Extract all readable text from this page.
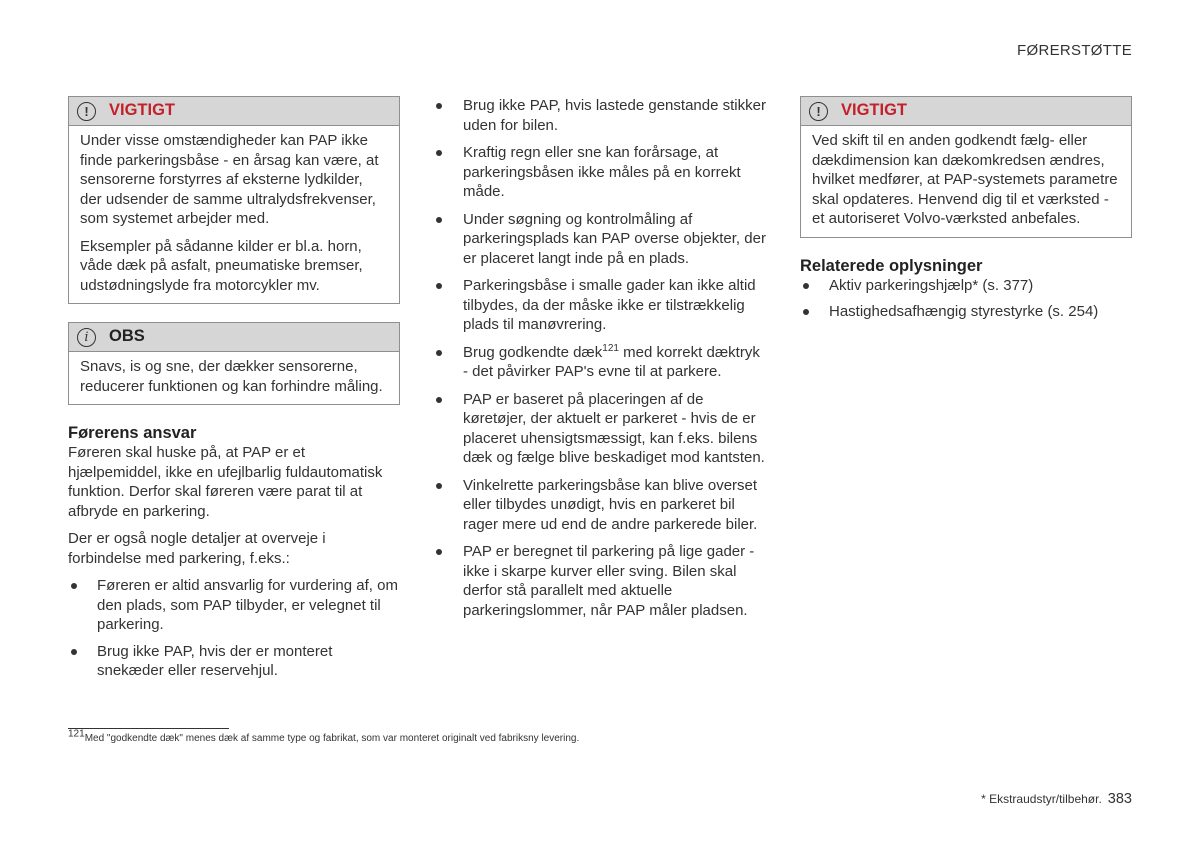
FØRERSTØTTE
!	VIGTIGT

Under visse omstændigheder kan PAP ikke finde parkeringsbåse - en årsag kan være, at sensorerne forstyrres af eksterne lydkilder, der udsender de samme ultralydsfrekvenser, som systemet arbejder med.

Eksempler på sådanne kilder er bl.a. horn, våde dæk på asfalt, pneumatiske bremser, udstødningslyde fra motorcykler mv.

i	OBS

Snavs, is og sne, der dækker sensorerne, reducerer funktionen og kan forhindre måling.

Førerens ansvar

Føreren skal huske på, at PAP er et hjælpemiddel, ikke en ufejlbarlig fuldautomatisk funktion. Derfor skal føreren være parat til at afbryde en parkering.

Der er også nogle detaljer at overveje i forbindelse med parkering, f.eks.:

Føreren er altid ansvarlig for vurdering af, om den plads, som PAP tilbyder, er velegnet til parkering.
Brug ikke PAP, hvis der er monteret snekæder eller reservehjul.
Brug ikke PAP, hvis lastede genstande stikker uden for bilen.
Kraftig regn eller sne kan forårsage, at parkeringsbåsen ikke måles på en korrekt måde.
Under søgning og kontrolmåling af parkeringsplads kan PAP overse objekter, der er placeret langt inde på en plads.
Parkeringsbåse i smalle gader kan ikke altid tilbydes, da der måske ikke er tilstrækkelig plads til manøvrering.
Brug godkendte dæk$^{121}$ med korrekt dæktryk - det påvirker PAP's evne til at parkere.
PAP er baseret på placeringen af de køretøjer, der aktuelt er parkeret - hvis de er placeret uhensigtsmæssigt, kan f.eks. bilens dæk og fælge blive beskadiget mod kantsten.
Vinkelrette parkeringsbåse kan blive overset eller tilbydes unødigt, hvis en parkeret bil rager mere ud end de andre parkerede biler.
PAP er beregnet til parkering på lige gader - ikke i skarpe kurver eller sving. Bilen skal derfor stå parallelt med aktuelle parkeringslommer, når PAP måler pladsen.
!	VIGTIGT

Ved skift til en anden godkendt fælg- eller dækdimension kan dækomkredsen ændres, hvilket medfører, at PAP-systemets parametre skal opdateres. Henvend dig til et værksted - et autoriseret Volvo-værksted anbefales.

Relaterede oplysninger
Aktiv parkeringshjælp* (s. 377)
Hastighedsafhængig styrestyrke (s. 254)
$^{121}$Med "godkendte dæk" menes dæk af samme type og fabrikat, som var monteret originalt ved fabriksny levering.
* Ekstraudstyr/tilbehør. 383
